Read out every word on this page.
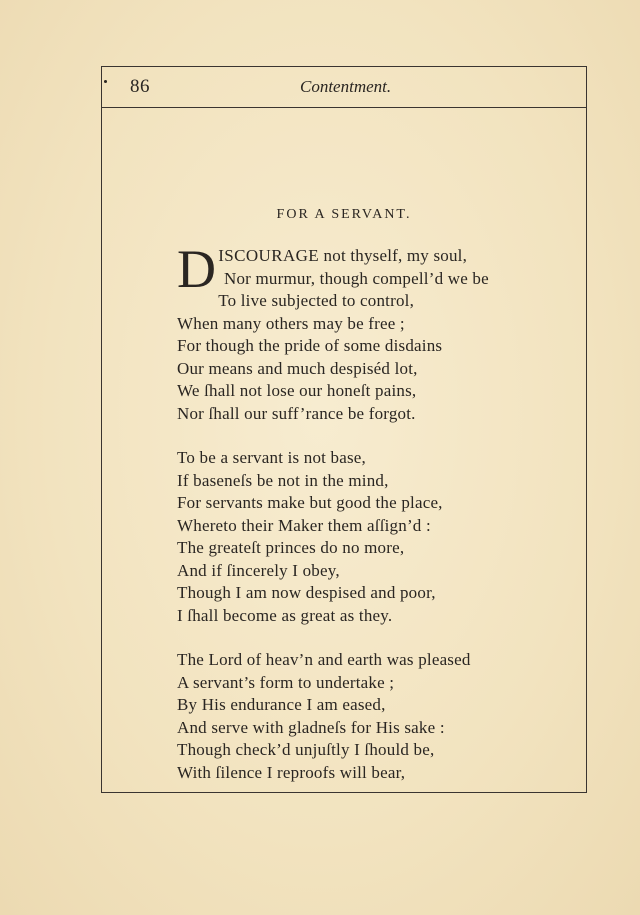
86	Contentment.
FOR A SERVANT.
DISCOURAGE not thyself, my soul,
Nor murmur, though compell’d we be
To live subjected to control,
When many others may be free ;
For though the pride of some disdains
Our means and much despiséd lot,
We ſhall not lose our honeſt pains,
Nor ſhall our suff’rance be forgot.
To be a servant is not base,
If baseneſs be not in the mind,
For servants make but good the place,
Whereto their Maker them aſſign’d :
The greateſt princes do no more,
And if ſincerely I obey,
Though I am now despised and poor,
I ſhall become as great as they.
The Lord of heav’n and earth was pleased
A servant’s form to undertake ;
By His endurance I am eased,
And serve with gladneſs for His sake :
Though check’d unjuſtly I ſhould be,
With ſilence I reproofs will bear,
